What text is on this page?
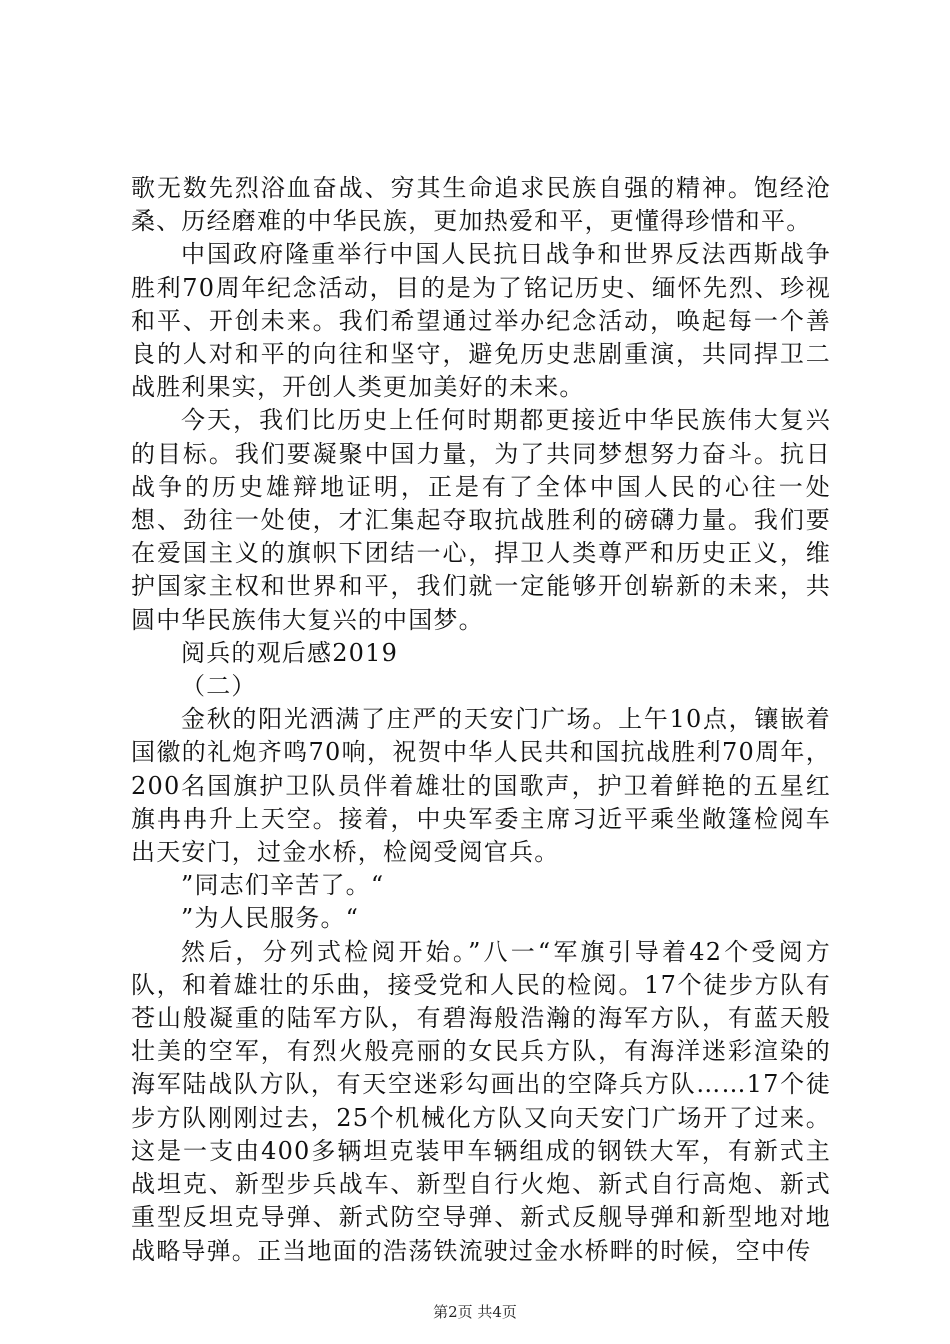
歌无数先烈浴血奋战、穷其生命追求民族自强的精神。饱经沧桑、历经磨难的中华民族，更加热爱和平，更懂得珍惜和平。

中国政府隆重举行中国人民抗日战争和世界反法西斯战争胜利70周年纪念活动，目的是为了铭记历史、缅怀先烈、珍视和平、开创未来。我们希望通过举办纪念活动，唤起每一个善良的人对和平的向往和坚守，避免历史悲剧重演，共同捍卫二战胜利果实，开创人类更加美好的未来。

今天，我们比历史上任何时期都更接近中华民族伟大复兴的目标。我们要凝聚中国力量，为了共同梦想努力奋斗。抗日战争的历史雄辩地证明，正是有了全体中国人民的心往一处想、劲往一处使，才汇集起夺取抗战胜利的磅礴力量。我们要在爱国主义的旗帜下团结一心，捍卫人类尊严和历史正义，维护国家主权和世界和平，我们就一定能够开创崭新的未来，共圆中华民族伟大复兴的中国梦。

阅兵的观后感2019

（二）

金秋的阳光洒满了庄严的天安门广场。上午10点，镶嵌着国徽的礼炮齐鸣70响，祝贺中华人民共和国抗战胜利70周年，200名国旗护卫队员伴着雄壮的国歌声，护卫着鲜艳的五星红旗冉冉升上天空。接着，中央军委主席习近平乘坐敞篷检阅车出天安门，过金水桥，检阅受阅官兵。

”同志们辛苦了。“

”为人民服务。“

然后，分列式检阅开始。”八一“军旗引导着42个受阅方队，和着雄壮的乐曲，接受党和人民的检阅。17个徒步方队有苍山般凝重的陆军方队，有碧海般浩瀚的海军方队，有蓝天般壮美的空军，有烈火般亮丽的女民兵方队，有海洋迷彩渲染的海军陆战队方队，有天空迷彩勾画出的空降兵方队……17个徒步方队刚刚过去，25个机械化方队又向天安门广场开了过来。这是一支由400多辆坦克装甲车辆组成的钢铁大军，有新式主战坦克、新型步兵战车、新型自行火炮、新式自行高炮、新式重型反坦克导弹、新式防空导弹、新式反舰导弹和新型地对地战略导弹。正当地面的浩荡铁流驶过金水桥畔的时候，空中传

第2页 共4页
